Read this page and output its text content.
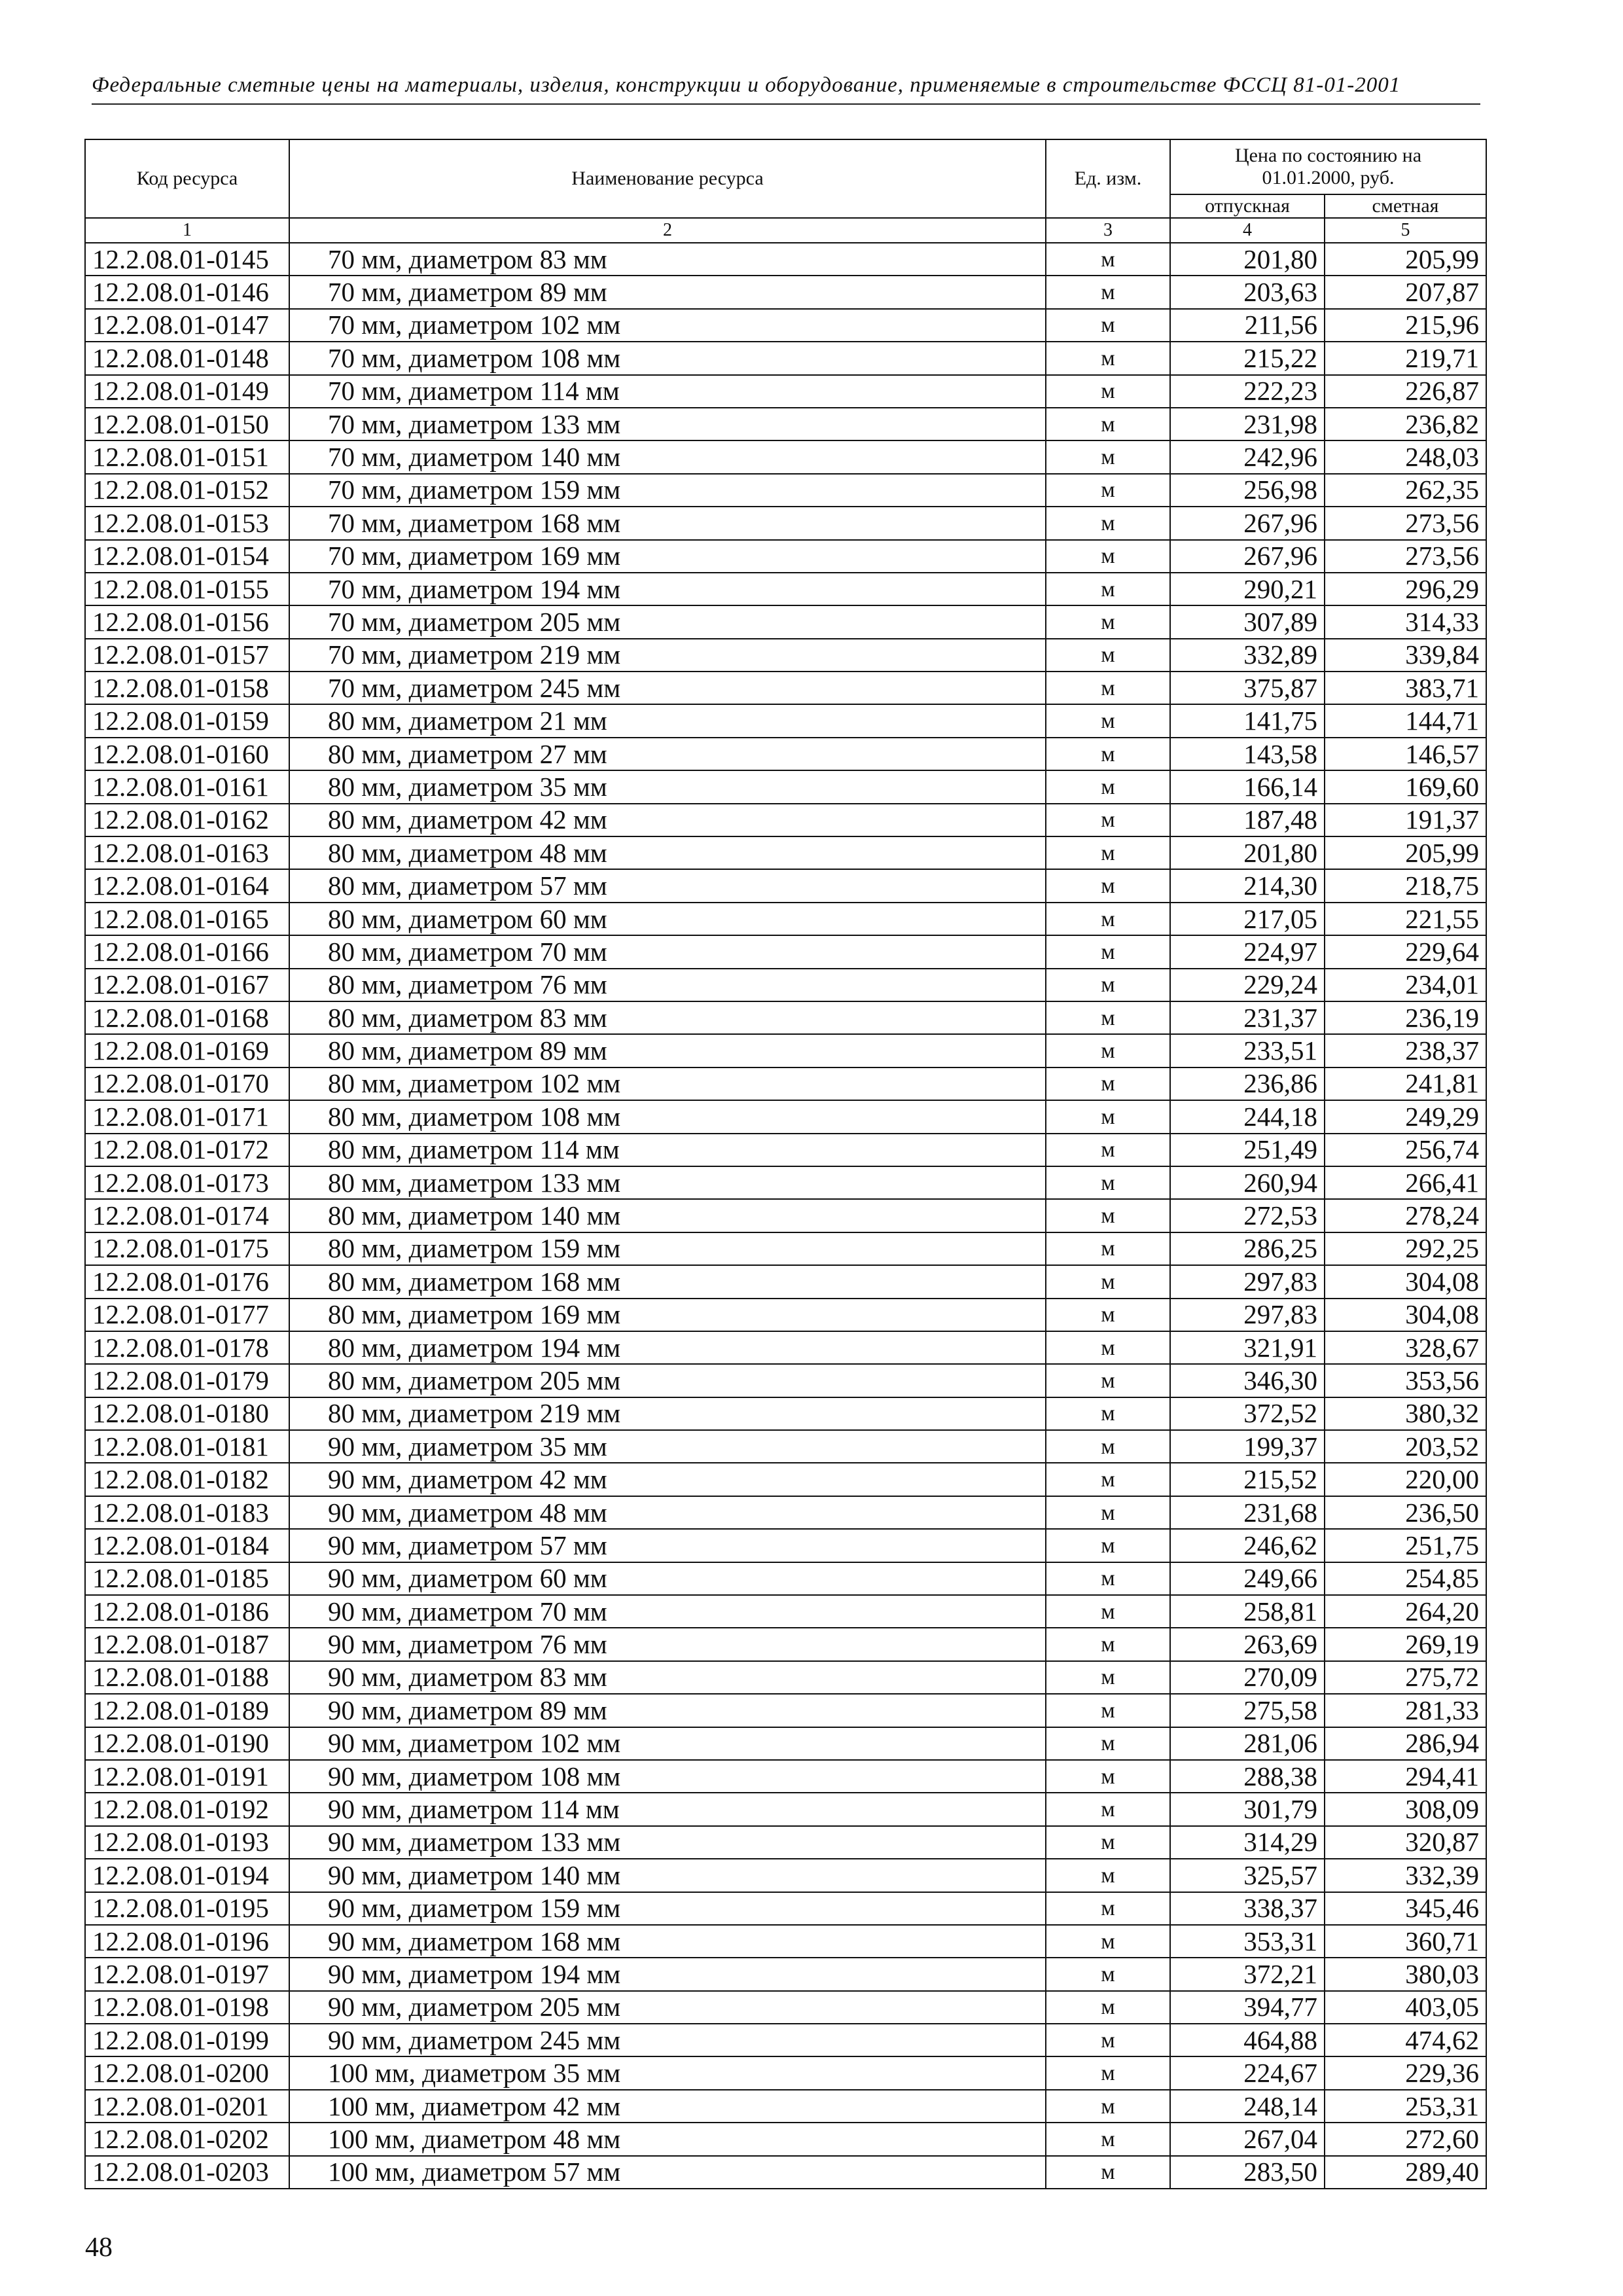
Федеральные сметные цены на материалы, изделия, конструкции и оборудование, применяемые в строительстве ФССЦ 81-01-2001
Код ресурса	Наименование ресурса	Ед. изм.	Цена по состоянию на 01.01.2000, руб.	
			отпускная	сметная
1	2	3	4	5
12.2.08.01-0145	70 мм, диаметром 83 мм	м	201,80	205,99
12.2.08.01-0146	70 мм, диаметром 89 мм	м	203,63	207,87
12.2.08.01-0147	70 мм, диаметром 102 мм	м	211,56	215,96
12.2.08.01-0148	70 мм, диаметром 108 мм	м	215,22	219,71
12.2.08.01-0149	70 мм, диаметром 114 мм	м	222,23	226,87
12.2.08.01-0150	70 мм, диаметром 133 мм	м	231,98	236,82
12.2.08.01-0151	70 мм, диаметром 140 мм	м	242,96	248,03
12.2.08.01-0152	70 мм, диаметром 159 мм	м	256,98	262,35
12.2.08.01-0153	70 мм, диаметром 168 мм	м	267,96	273,56
12.2.08.01-0154	70 мм, диаметром 169 мм	м	267,96	273,56
12.2.08.01-0155	70 мм, диаметром 194 мм	м	290,21	296,29
12.2.08.01-0156	70 мм, диаметром 205 мм	м	307,89	314,33
12.2.08.01-0157	70 мм, диаметром 219 мм	м	332,89	339,84
12.2.08.01-0158	70 мм, диаметром 245 мм	м	375,87	383,71
12.2.08.01-0159	80 мм, диаметром 21 мм	м	141,75	144,71
12.2.08.01-0160	80 мм, диаметром 27 мм	м	143,58	146,57
12.2.08.01-0161	80 мм, диаметром 35 мм	м	166,14	169,60
12.2.08.01-0162	80 мм, диаметром 42 мм	м	187,48	191,37
12.2.08.01-0163	80 мм, диаметром 48 мм	м	201,80	205,99
12.2.08.01-0164	80 мм, диаметром 57 мм	м	214,30	218,75
12.2.08.01-0165	80 мм, диаметром 60 мм	м	217,05	221,55
12.2.08.01-0166	80 мм, диаметром 70 мм	м	224,97	229,64
12.2.08.01-0167	80 мм, диаметром 76 мм	м	229,24	234,01
12.2.08.01-0168	80 мм, диаметром 83 мм	м	231,37	236,19
12.2.08.01-0169	80 мм, диаметром 89 мм	м	233,51	238,37
12.2.08.01-0170	80 мм, диаметром 102 мм	м	236,86	241,81
12.2.08.01-0171	80 мм, диаметром 108 мм	м	244,18	249,29
12.2.08.01-0172	80 мм, диаметром 114 мм	м	251,49	256,74
12.2.08.01-0173	80 мм, диаметром 133 мм	м	260,94	266,41
12.2.08.01-0174	80 мм, диаметром 140 мм	м	272,53	278,24
12.2.08.01-0175	80 мм, диаметром 159 мм	м	286,25	292,25
12.2.08.01-0176	80 мм, диаметром 168 мм	м	297,83	304,08
12.2.08.01-0177	80 мм, диаметром 169 мм	м	297,83	304,08
12.2.08.01-0178	80 мм, диаметром 194 мм	м	321,91	328,67
12.2.08.01-0179	80 мм, диаметром 205 мм	м	346,30	353,56
12.2.08.01-0180	80 мм, диаметром 219 мм	м	372,52	380,32
12.2.08.01-0181	90 мм, диаметром 35 мм	м	199,37	203,52
12.2.08.01-0182	90 мм, диаметром 42 мм	м	215,52	220,00
12.2.08.01-0183	90 мм, диаметром 48 мм	м	231,68	236,50
12.2.08.01-0184	90 мм, диаметром 57 мм	м	246,62	251,75
12.2.08.01-0185	90 мм, диаметром 60 мм	м	249,66	254,85
12.2.08.01-0186	90 мм, диаметром 70 мм	м	258,81	264,20
12.2.08.01-0187	90 мм, диаметром 76 мм	м	263,69	269,19
12.2.08.01-0188	90 мм, диаметром 83 мм	м	270,09	275,72
12.2.08.01-0189	90 мм, диаметром 89 мм	м	275,58	281,33
12.2.08.01-0190	90 мм, диаметром 102 мм	м	281,06	286,94
12.2.08.01-0191	90 мм, диаметром 108 мм	м	288,38	294,41
12.2.08.01-0192	90 мм, диаметром 114 мм	м	301,79	308,09
12.2.08.01-0193	90 мм, диаметром 133 мм	м	314,29	320,87
12.2.08.01-0194	90 мм, диаметром 140 мм	м	325,57	332,39
12.2.08.01-0195	90 мм, диаметром 159 мм	м	338,37	345,46
12.2.08.01-0196	90 мм, диаметром 168 мм	м	353,31	360,71
12.2.08.01-0197	90 мм, диаметром 194 мм	м	372,21	380,03
12.2.08.01-0198	90 мм, диаметром 205 мм	м	394,77	403,05
12.2.08.01-0199	90 мм, диаметром 245 мм	м	464,88	474,62
12.2.08.01-0200	100 мм, диаметром 35 мм	м	224,67	229,36
12.2.08.01-0201	100 мм, диаметром 42 мм	м	248,14	253,31
12.2.08.01-0202	100 мм, диаметром 48 мм	м	267,04	272,60
12.2.08.01-0203	100 мм, диаметром 57 мм	м	283,50	289,40
48
